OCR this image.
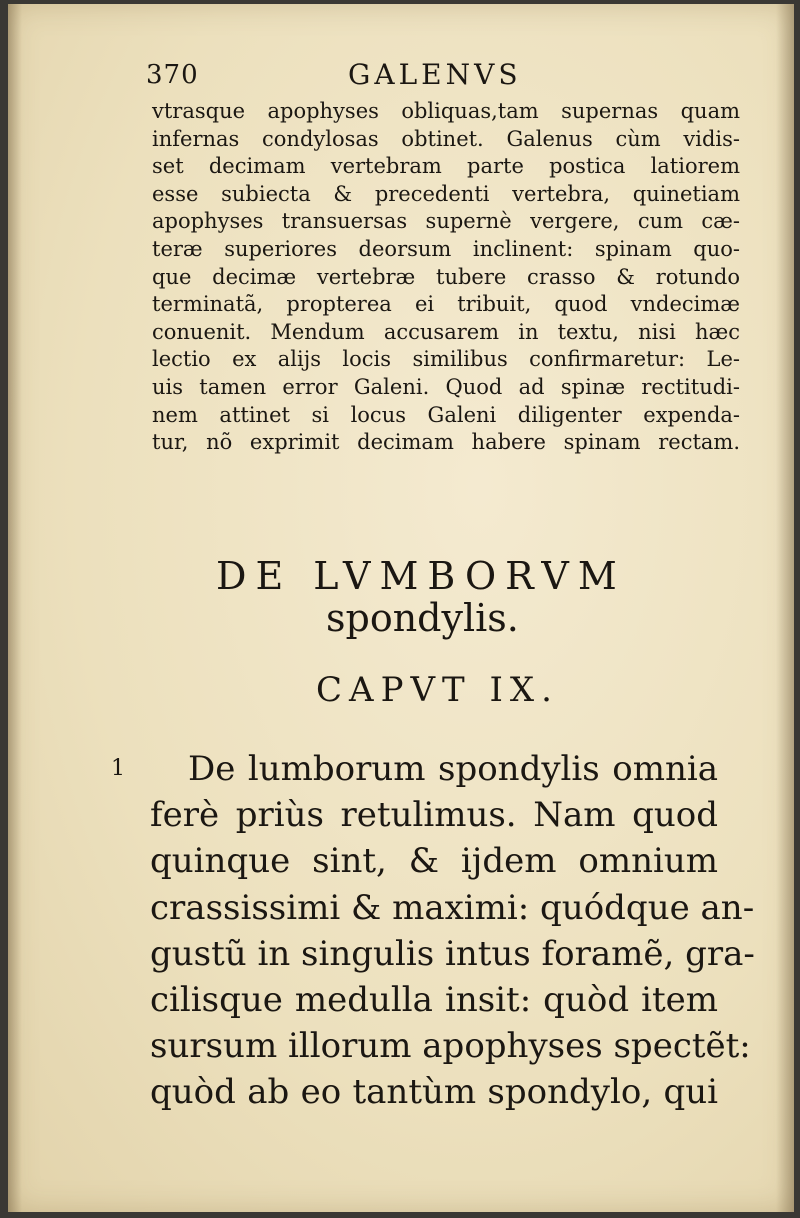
370	GALENVS
vtrasque apophyses obliquas,tam supernas quam
infernas condylosas obtinet. Galenus cùm vidis-
set decimam vertebram parte postica latiorem
esse subiecta & precedenti vertebra, quinetiam
apophyses transuersas supernè vergere, cum cæ-
teræ superiores deorsum inclinent: spinam quo-
que decimæ vertebræ tubere crasso & rotundo
terminatã, propterea ei tribuit, quod vndecimæ
conuenit. Mendum accusarem in textu, nisi hæc
lectio ex alijs locis similibus confirmaretur: Le-
uis tamen error Galeni. Quod ad spinæ rectitudi-
nem attinet si locus Galeni diligenter expenda-
tur, nõ exprimit decimam habere spinam rectam.
DE LVMBORVM
spondylis.
CAPVT IX.
1	De lumborum spondylis omnia
ferè priùs retulimus. Nam quod
quinque sint, & ijdem omnium
crassissimi & maximi: quódque an-
gustũ in singulis intus foramẽ, gra-
cilisque medulla insit: quòd item
sursum illorum apophyses spectẽt:
quòd ab eo tantùm spondylo, qui
